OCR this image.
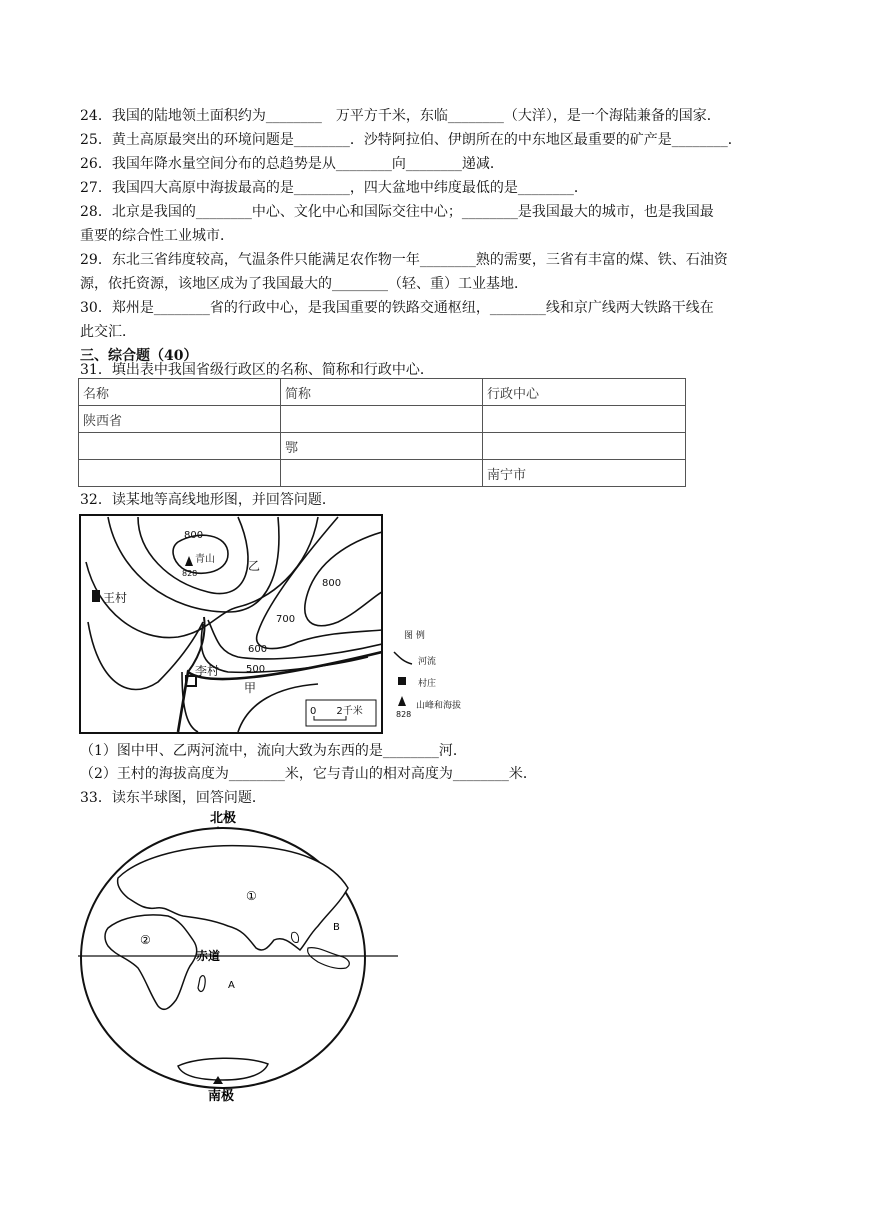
24．我国的陆地领土面积约为________　万平方千米，东临________（大洋），是一个海陆兼备的国家．
25．黄土高原最突出的环境问题是________．沙特阿拉伯、伊朗所在的中东地区最重要的矿产是________．
26．我国年降水量空间分布的总趋势是从________向________递减．
27．我国四大高原中海拔最高的是________，四大盆地中纬度最低的是________．
28．北京是我国的________中心、文化中心和国际交往中心；________是我国最大的城市，也是我国最
重要的综合性工业城市．
29．东北三省纬度较高，气温条件只能满足农作物一年________熟的需要，三省有丰富的煤、铁、石油资
源，依托资源，该地区成为了我国最大的________（轻、重）工业基地．
30．郑州是________省的行政中心，是我国重要的铁路交通枢纽，________线和京广线两大铁路干线在
此交汇．
三、综合题（40）
31．填出表中我国省级行政区的名称、简称和行政中心．
名称	简称	行政中心
陕西省		
	鄂	
		南宁市
32．读某地等高线地形图，并回答问题．
800
青山
828
乙
800
700
600
500
王村
李村
甲
0　　2千米
图 例
河流
村庄
828
山峰和海拔
（1）图中甲、乙两河流中，流向大致为东西的是________河．
（2）王村的海拔高度为________米，它与青山的相对高度为________米．
33．读东半球图，回答问题．
北极
赤道
南极
①
②
B
A
